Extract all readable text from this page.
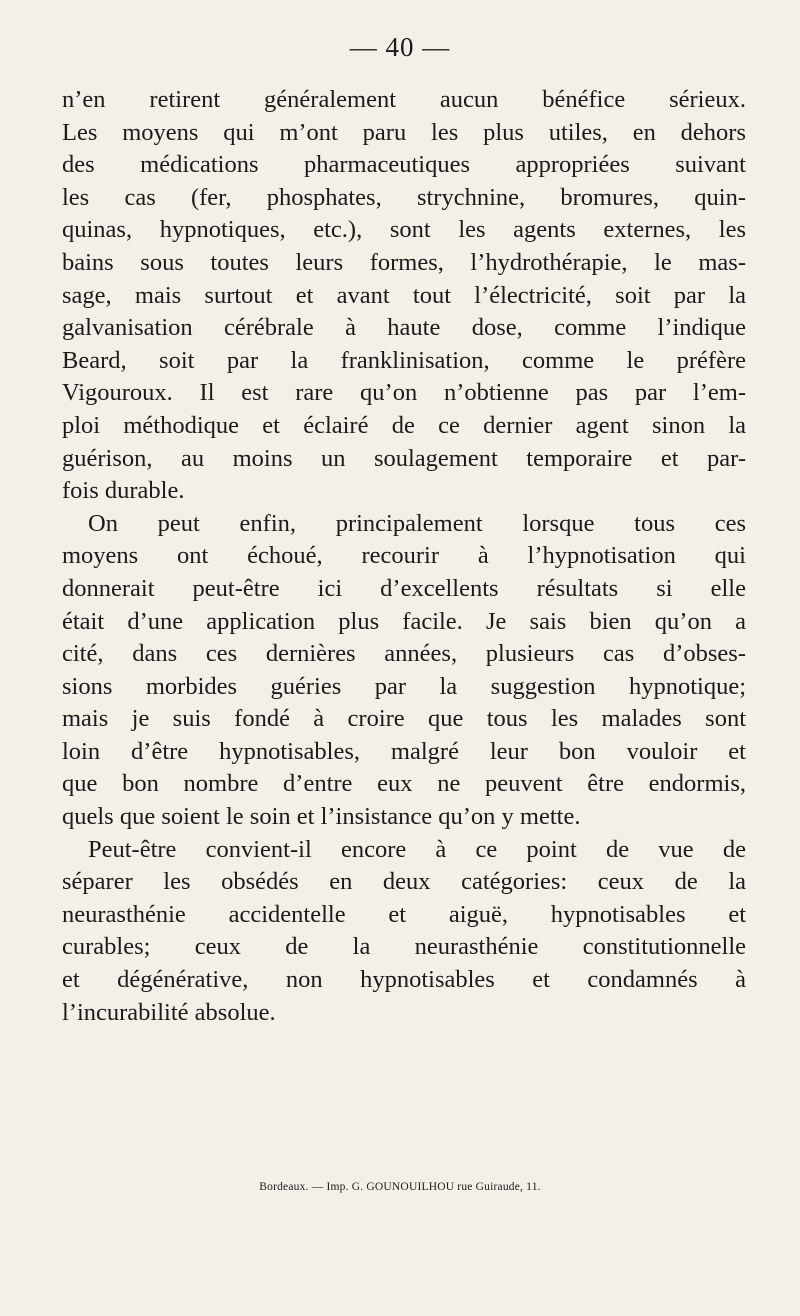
— 40 —
n’en retirent généralement aucun bénéfice sérieux.
Les moyens qui m’ont paru les plus utiles, en dehors
des médications pharmaceutiques appropriées suivant
les cas (fer, phosphates, strychnine, bromures, quin-
quinas, hypnotiques, etc.), sont les agents externes, les
bains sous toutes leurs formes, l’hydrothérapie, le mas-
sage, mais surtout et avant tout l’électricité, soit par la
galvanisation cérébrale à haute dose, comme l’indique
Beard, soit par la franklinisation, comme le préfère
Vigouroux. Il est rare qu’on n’obtienne pas par l’em-
ploi méthodique et éclairé de ce dernier agent sinon la
guérison, au moins un soulagement temporaire et par-
fois durable.
On peut enfin, principalement lorsque tous ces
moyens ont échoué, recourir à l’hypnotisation qui
donnerait peut-être ici d’excellents résultats si elle
était d’une application plus facile. Je sais bien qu’on a
cité, dans ces dernières années, plusieurs cas d’obses-
sions morbides guéries par la suggestion hypnotique;
mais je suis fondé à croire que tous les malades sont
loin d’être hypnotisables, malgré leur bon vouloir et
que bon nombre d’entre eux ne peuvent être endormis,
quels que soient le soin et l’insistance qu’on y mette.
Peut-être convient-il encore à ce point de vue de
séparer les obsédés en deux catégories: ceux de la
neurasthénie accidentelle et aiguë, hypnotisables et
curables; ceux de la neurasthénie constitutionnelle
et dégénérative, non hypnotisables et condamnés à
l’incurabilité absolue.
Bordeaux. — Imp. G. GOUNOUILHOU rue Guiraude, 11.
